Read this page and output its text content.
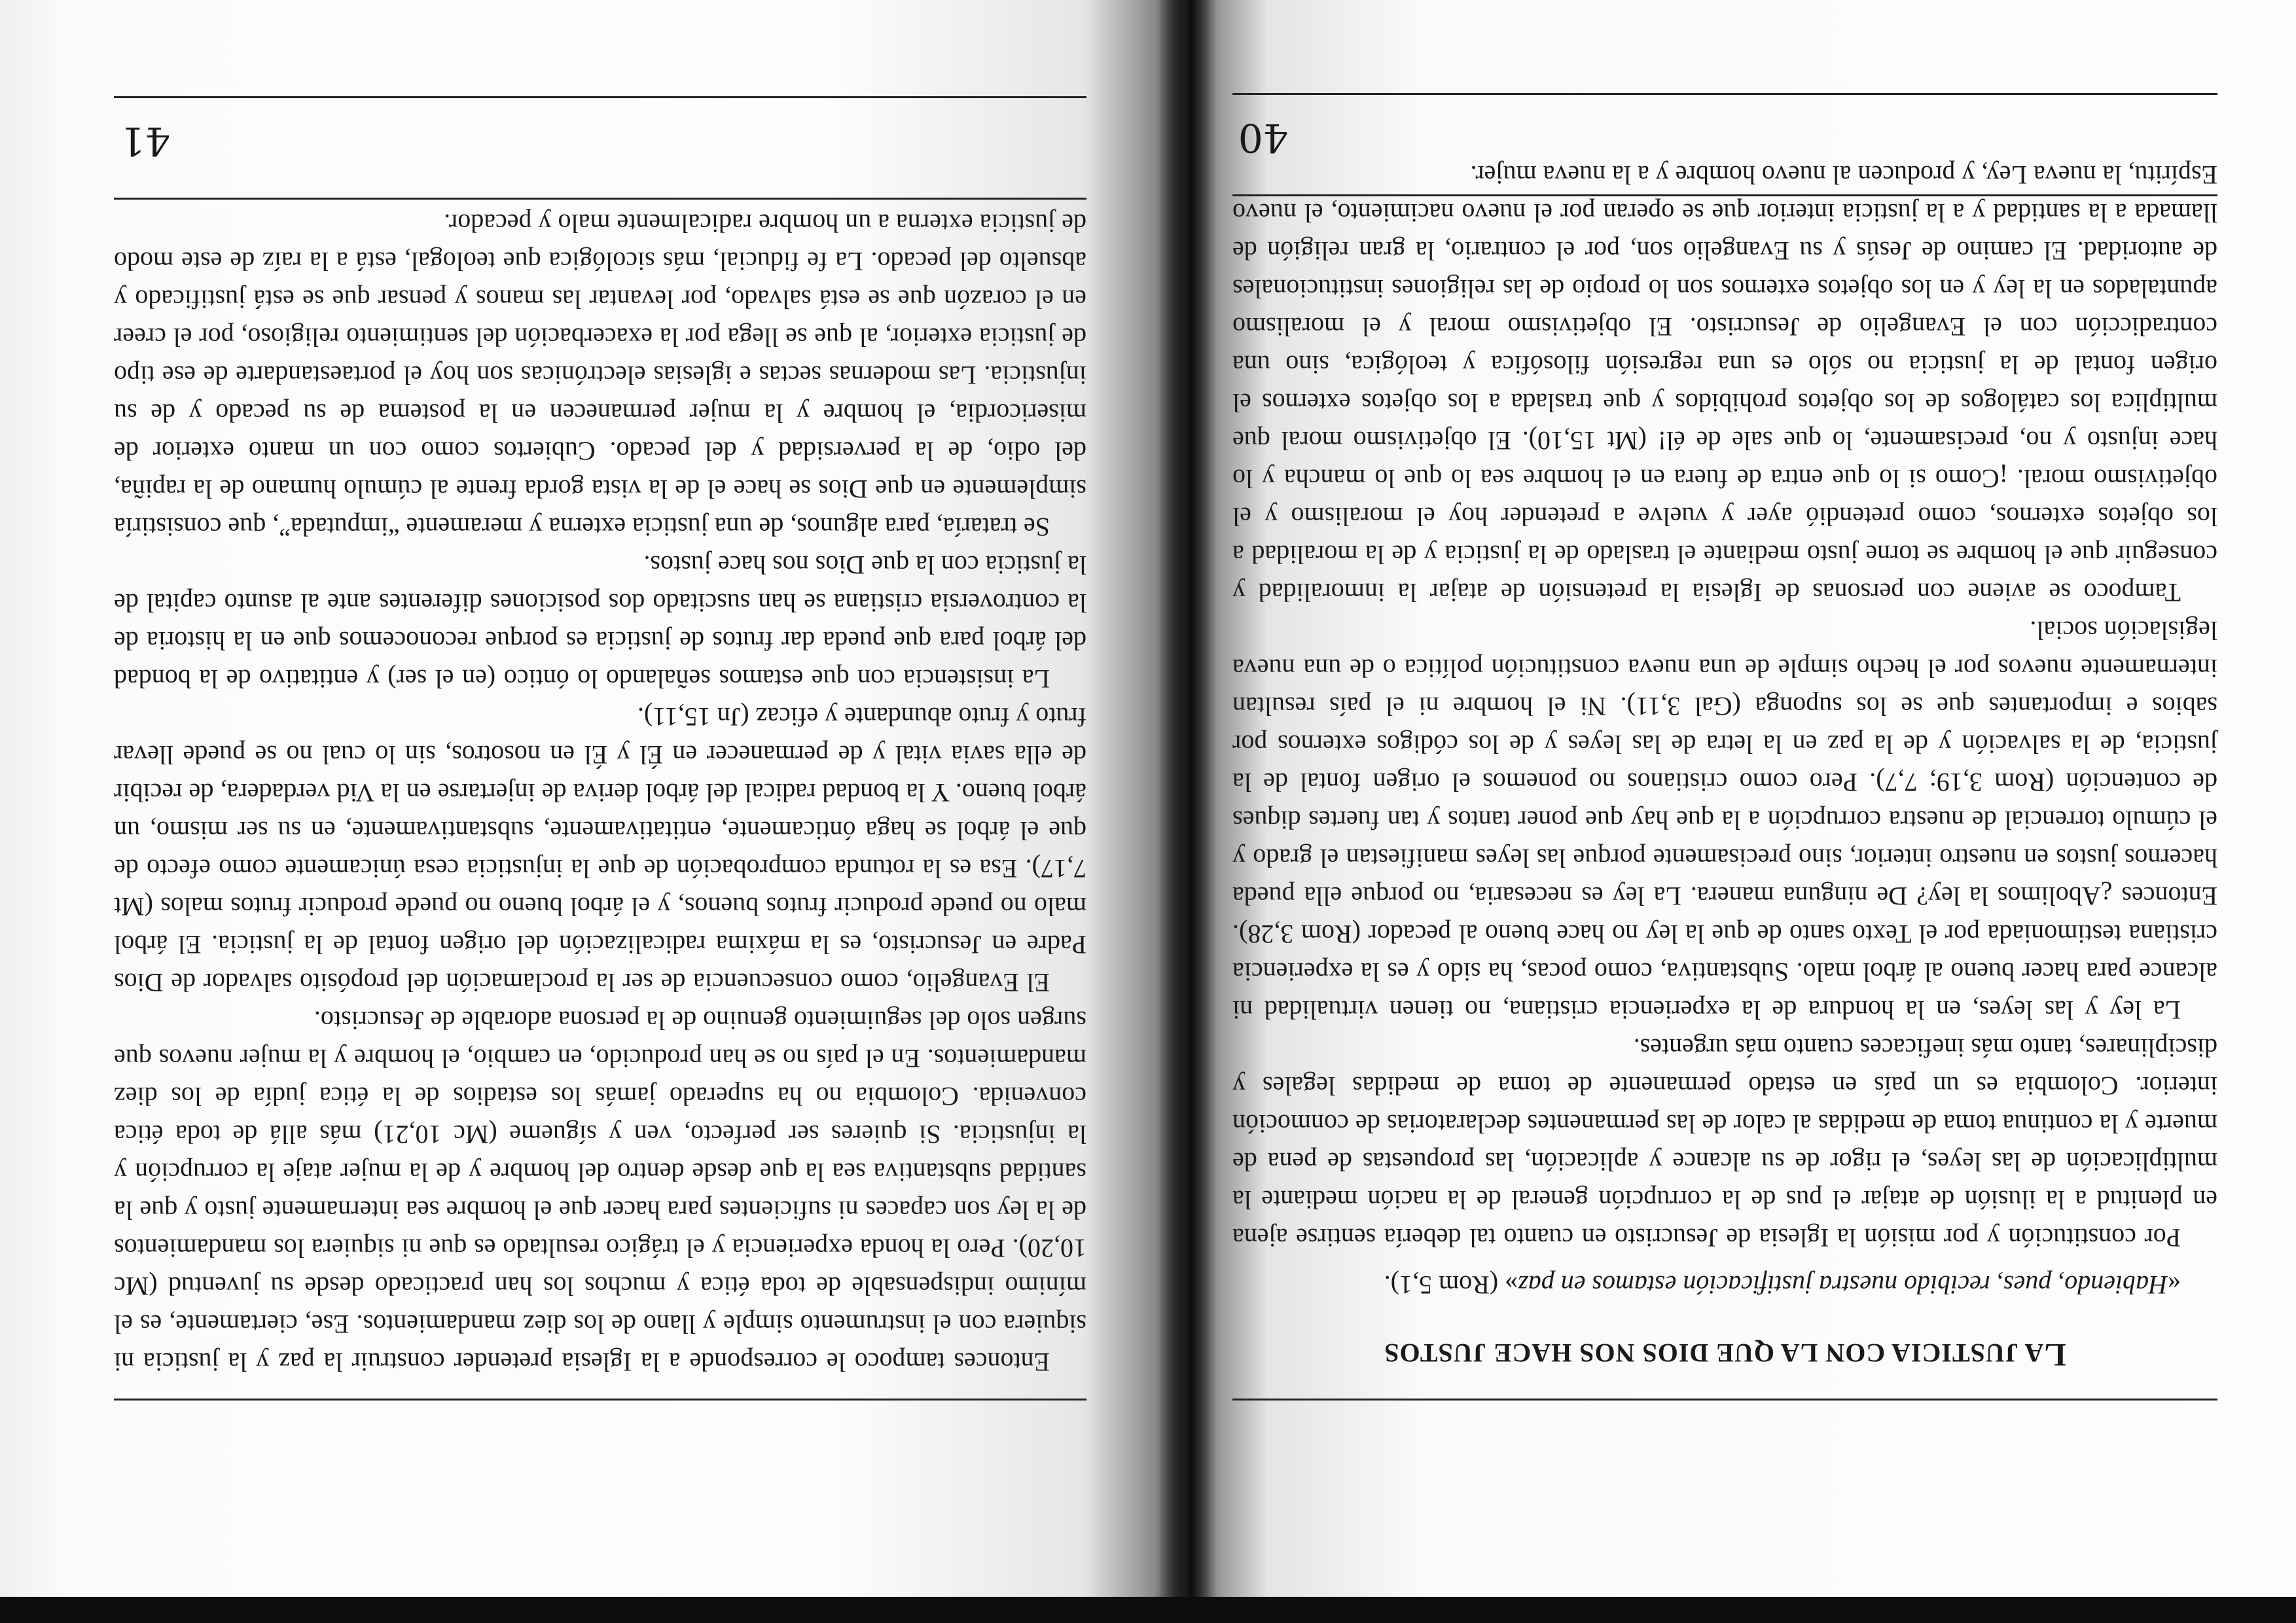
Entonces tampoco le corresponde a la Iglesia pretender construir la paz y la justicia ni siquiera con el instrumento simple y llano de los diez mandamientos. Ese, ciertamente, es el mínimo indispensable de toda ética y muchos los han practicado desde su juventud (Mc 10,20). Pero la honda experiencia y el trágico resultado es que ni siquiera los mandamientos de la ley son capaces ni suficientes para hacer que el hombre sea internamente justo y que la santidad substantiva sea la que desde dentro del hombre y de la mujer ataje la corrupción y la injusticia. Si quieres ser perfecto, ven y sígueme (Mc 10,21) más allá de toda ética convenida. Colombia no ha superado jamás los estadios de la ética judía de los diez mandamientos. En el país no se han producido, en cambio, el hombre y la mujer nuevos que surgen solo del seguimiento genuino de la persona adorable de Jesucristo.

El Evangelio, como consecuencia de ser la proclamación del propósito salvador de Dios Padre en Jesucristo, es la máxima radicalización del origen fontal de la justicia. El árbol malo no puede producir frutos buenos, y el árbol bueno no puede producir frutos malos (Mt 7,17). Esa es la rotunda comprobación de que la injusticia cesa únicamente como efecto de que el árbol se haga ónticamente, entitativamente, substantivamente, en su ser mismo, un árbol bueno. Y la bondad radical del árbol deriva de injertarse en la Vid verdadera, de recibir de ella savia vital y de permanecer en Él y Él en nosotros, sin lo cual no se puede llevar fruto y fruto abundante y eficaz (Jn 15,11).

La insistencia con que estamos señalando lo óntico (en el ser) y entitativo de la bondad del árbol para que pueda dar frutos de justicia es porque reconocemos que en la historia de la controversia cristiana se han suscitado dos posiciones diferentes ante al asunto capital de la justicia con la que Dios nos hace justos.

Se trataría, para algunos, de una justicia externa y meramente “imputada”, que consistiría simplemente en que Dios se hace el de la vista gorda frente al cúmulo humano de la rapiña, del odio, de la perversidad y del pecado. Cubiertos como con un manto exterior de misericordia, el hombre y la mujer permanecen en la postema de su pecado y de su injusticia. Las modernas sectas e iglesias electrónicas son hoy el portaestandarte de ese tipo de justicia exterior, al que se llega por la exacerbación del sentimiento religioso, por el creer en el corazón que se está salvado, por levantar las manos y pensar que se está justificado y absuelto del pecado. La fe fiducial, más sicológica que teologal, está a la raíz de este modo de justicia externa a un hombre radicalmente malo y pecador.

41
LA JUSTICIA CON LA QUE DIOS NOS HACE JUSTOS

«Habiendo, pues, recibido nuestra justificación estamos en paz» (Rom 5,1).

Por constitución y por misión la Iglesia de Jesucristo en cuanto tal debería sentirse ajena en plenitud a la ilusión de atajar el pus de la corrupción general de la nación mediante la multiplicación de las leyes, el rigor de su alcance y aplicación, las propuestas de pena de muerte y la continua toma de medidas al calor de las permanentes declaratorias de conmoción interior. Colombia es un país en estado permanente de toma de medidas legales y disciplinares, tanto más ineficaces cuanto más urgentes.

La ley y las leyes, en la hondura de la experiencia cristiana, no tienen virtualidad ni alcance para hacer bueno al árbol malo. Substantiva, como pocas, ha sido y es la experiencia cristiana testimoniada por el Texto santo de que la ley no hace bueno al pecador (Rom 3,28). Entonces ¿Abolimos la ley? De ninguna manera. La ley es necesaria, no porque ella pueda hacernos justos en nuestro interior, sino precisamente porque las leyes manifiestan el grado y el cúmulo torrencial de nuestra corrupción a la que hay que poner tantos y tan fuertes diques de contención (Rom 3,19; 7,7). Pero como cristianos no ponemos el origen fontal de la justicia, de la salvación y de la paz en la letra de las leyes y de los códigos externos por sabios e importantes que se los suponga (Gal 3,11). Ni el hombre ni el país resultan internamente nuevos por el hecho simple de una nueva constitución política o de una nueva legislación social.

Tampoco se aviene con personas de Iglesia la pretensión de atajar la inmoralidad y conseguir que el hombre se torne justo mediante el traslado de la justicia y de la moralidad a los objetos externos, como pretendió ayer y vuelve a pretender hoy el moralismo y el objetivismo moral. ¡Como si lo que entra de fuera en el hombre sea lo que lo mancha y lo hace injusto y no, precisamente, lo que sale de él! (Mt 15,10). El objetivismo moral que multiplica los catálogos de los objetos prohibidos y que traslada a los objetos externos el origen fontal de la justicia no sólo es una regresión filosófica y teológica, sino una contradicción con el Evangelio de Jesucristo. El objetivismo moral y el moralismo apuntalados en la ley y en los objetos externos son lo propio de las religiones institucionales de autoridad. El camino de Jesús y su Evangelio son, por el contrario, la gran religión de llamada a la santidad y a la justicia interior que se operan por el nuevo nacimiento, el nuevo Espíritu, la nueva Ley, y producen al nuevo hombre y a la nueva mujer.

40
